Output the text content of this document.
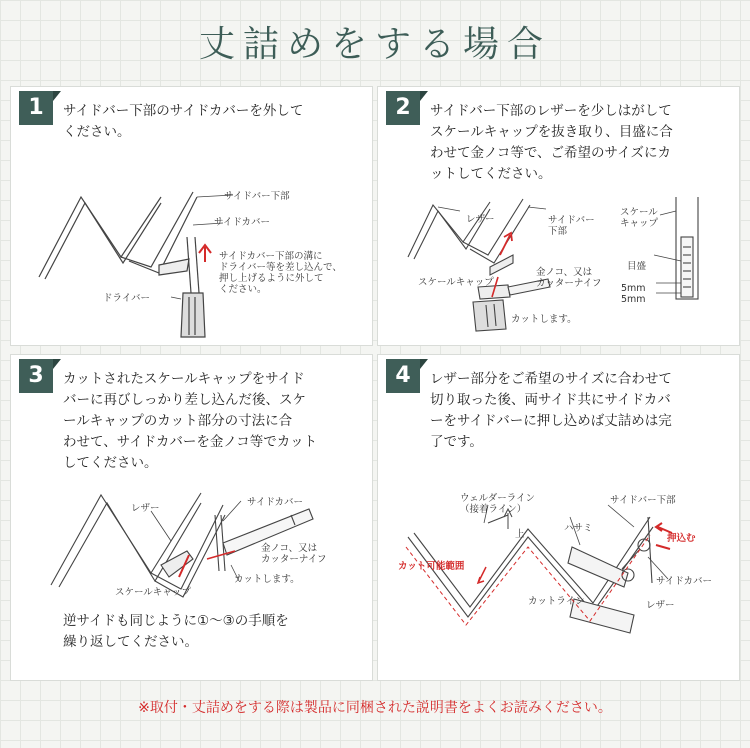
丈詰めをする場合
1	サイドバー下部のサイドカバーを外して
ください。
サイドバー下部
サイドカバー
サイドカバー下部の溝に
ドライバー等を差し込んで、
押し上げるように外して
ください。
ドライバー
2	サイドバー下部のレザーを少しはがして
スケールキャップを抜き取り、目盛に合
わせて金ノコ等で、ご希望のサイズにカ
ットしてください。
レザー	サイドバー
下部
スケールキャップ
金ノコ、又は
カッターナイフ
カットします。
スケール
キャップ
目盛
5mm
5mm
3	カットされたスケールキャップをサイド
バーに再びしっかり差し込んだ後、スケ
ールキャップのカット部分の寸法に合
わせて、サイドカバーを金ノコ等でカット
してください。
レザー
サイドカバー
金ノコ、又は
カッターナイフ
カットします。
スケールキャップ
逆サイドも同じように①〜③の手順を
繰り返してください。
4	レザー部分をご希望のサイズに合わせて
切り取った後、両サイド共にサイドカバ
ーをサイドバーに押し込めば丈詰めは完
了です。
ウェルダーライン
（接着ライン）
サイドバー下部
上
ハサミ
押込む
カット可能範囲
サイドカバー
カットライン	レザー
※取付・丈詰めをする際は製品に同梱された説明書をよくお読みください。
